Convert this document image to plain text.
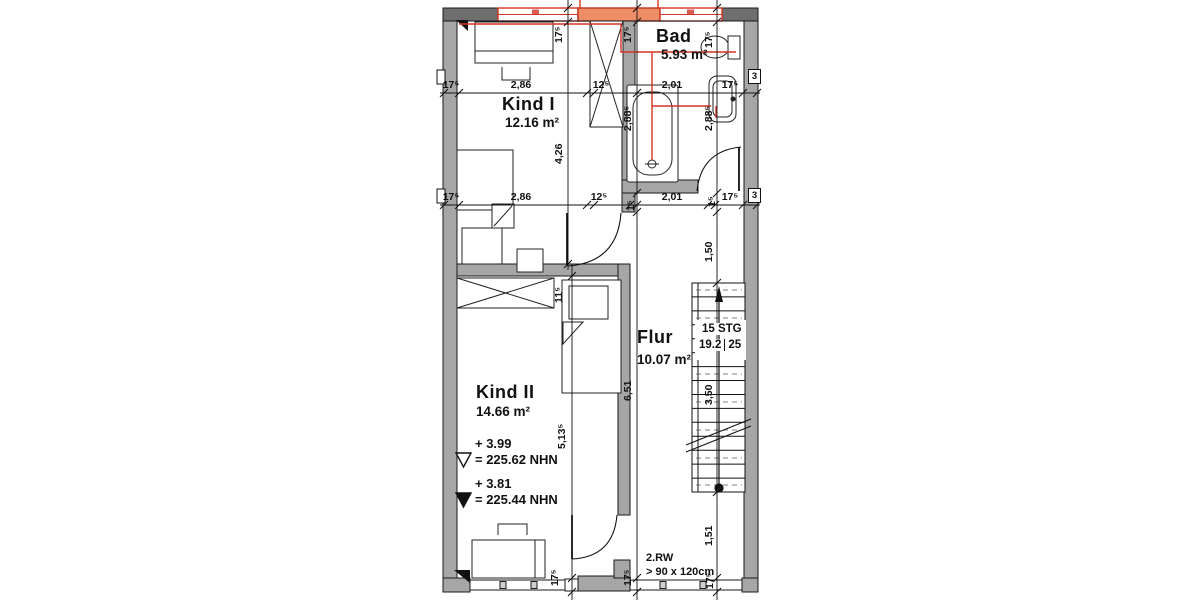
Kind I
12.16 m²
Bad
5.93 m²
Kind II
14.66 m²
Flur
10.07 m²
15 STG
19.2 25
+ 3.99
= 225.62 NHN
+ 3.81
= 225.44 NHN
2.RW
> 90 x 120cm
3
3
17⁵	2,86	12⁵	2,01	17⁵
17⁵	2,86	12⁵	2,01	17⁵
17⁵
4,26
11⁵
5,13⁵
17⁵
17⁵
2,88⁵
1⁵
6,51
17⁵
17⁵
2,88⁵
1⁵
1,50
3,50
1,51
17⁵
